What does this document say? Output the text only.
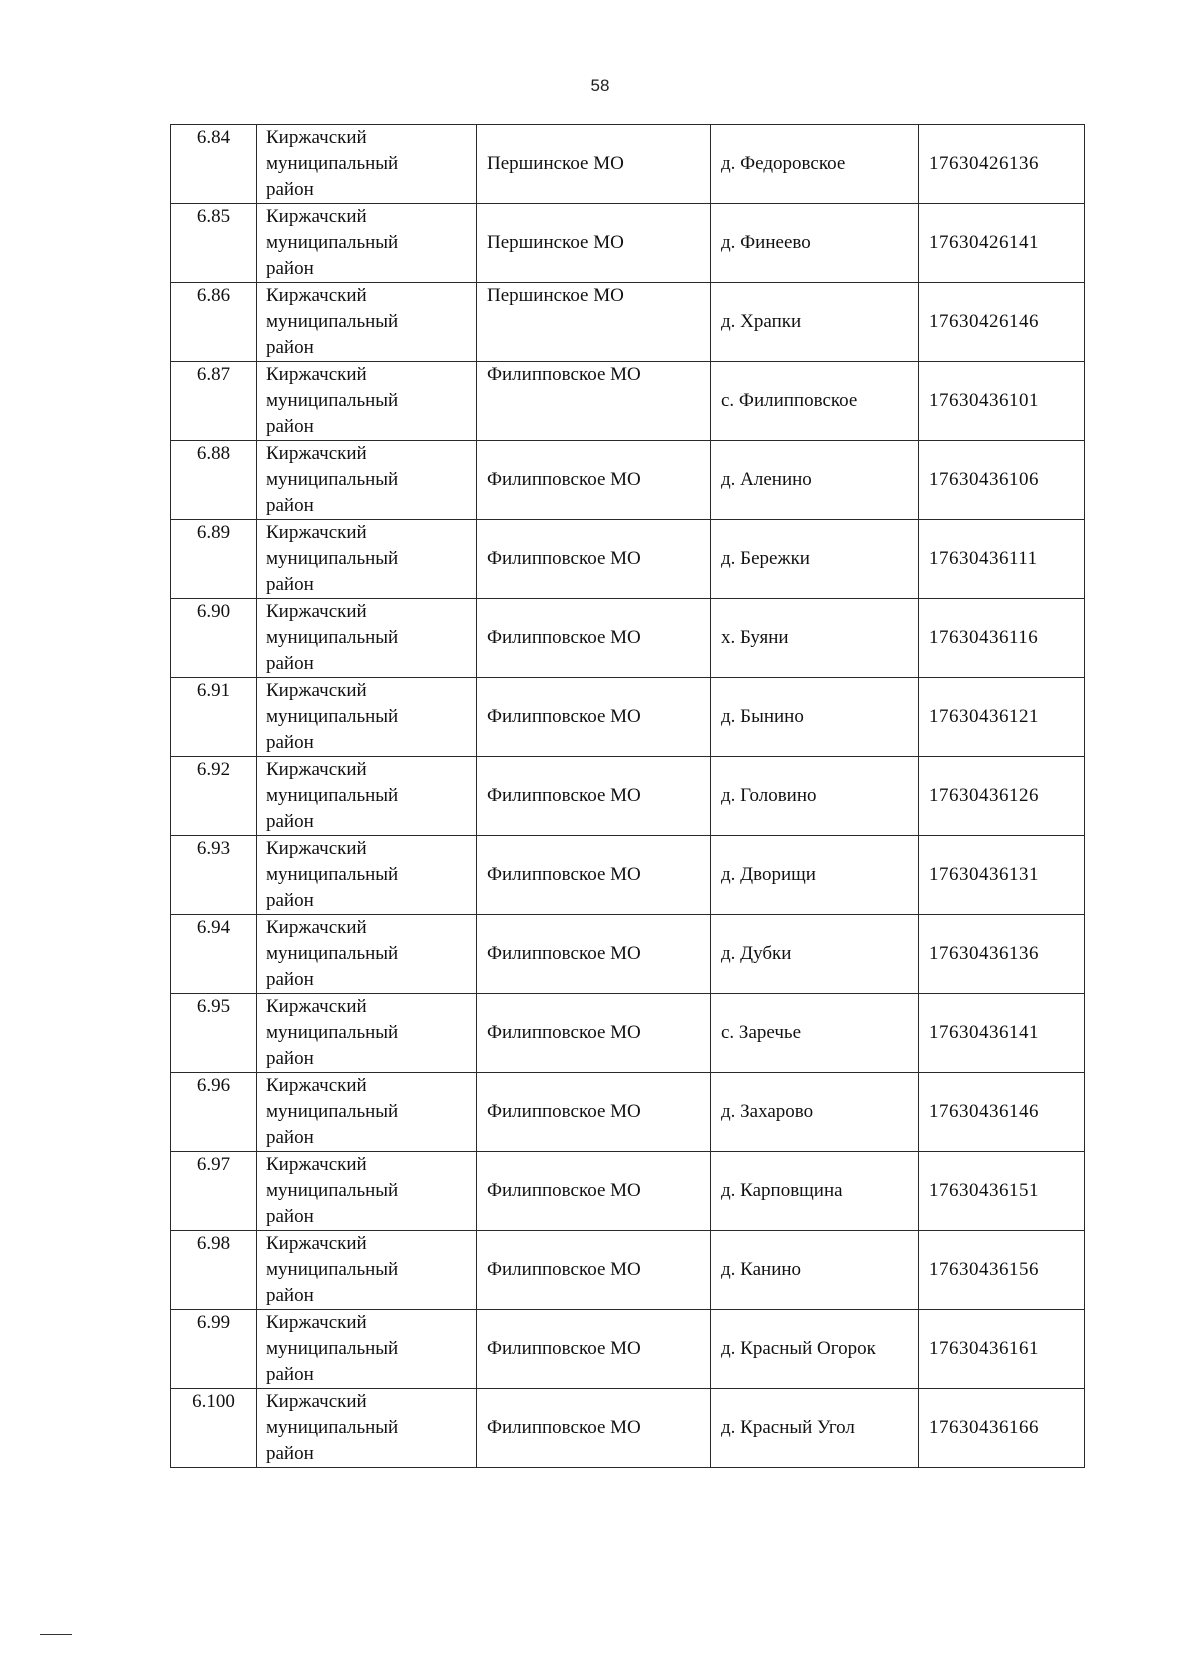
58
6.84	Киржачский
муниципальный
район	Першинское МО	д. Федоровское	17630426136
6.85	Киржачский
муниципальный
район	Першинское МО	д. Финеево	17630426141
6.86	Киржачский
муниципальный
район	Першинское МО	д. Храпки	17630426146
6.87	Киржачский
муниципальный
район	Филипповское МО	с. Филипповское	17630436101
6.88	Киржачский
муниципальный
район	Филипповское МО	д. Аленино	17630436106
6.89	Киржачский
муниципальный
район	Филипповское МО	д. Бережки	17630436111
6.90	Киржачский
муниципальный
район	Филипповское МО	х. Буяни	17630436116
6.91	Киржачский
муниципальный
район	Филипповское МО	д. Бынино	17630436121
6.92	Киржачский
муниципальный
район	Филипповское МО	д. Головино	17630436126
6.93	Киржачский
муниципальный
район	Филипповское МО	д. Дворищи	17630436131
6.94	Киржачский
муниципальный
район	Филипповское МО	д. Дубки	17630436136
6.95	Киржачский
муниципальный
район	Филипповское МО	с. Заречье	17630436141
6.96	Киржачский
муниципальный
район	Филипповское МО	д. Захарово	17630436146
6.97	Киржачский
муниципальный
район	Филипповское МО	д. Карповщина	17630436151
6.98	Киржачский
муниципальный
район	Филипповское МО	д. Канино	17630436156
6.99	Киржачский
муниципальный
район	Филипповское МО	д. Красный Огорок	17630436161
6.100	Киржачский
муниципальный
район	Филипповское МО	д. Красный Угол	17630436166
